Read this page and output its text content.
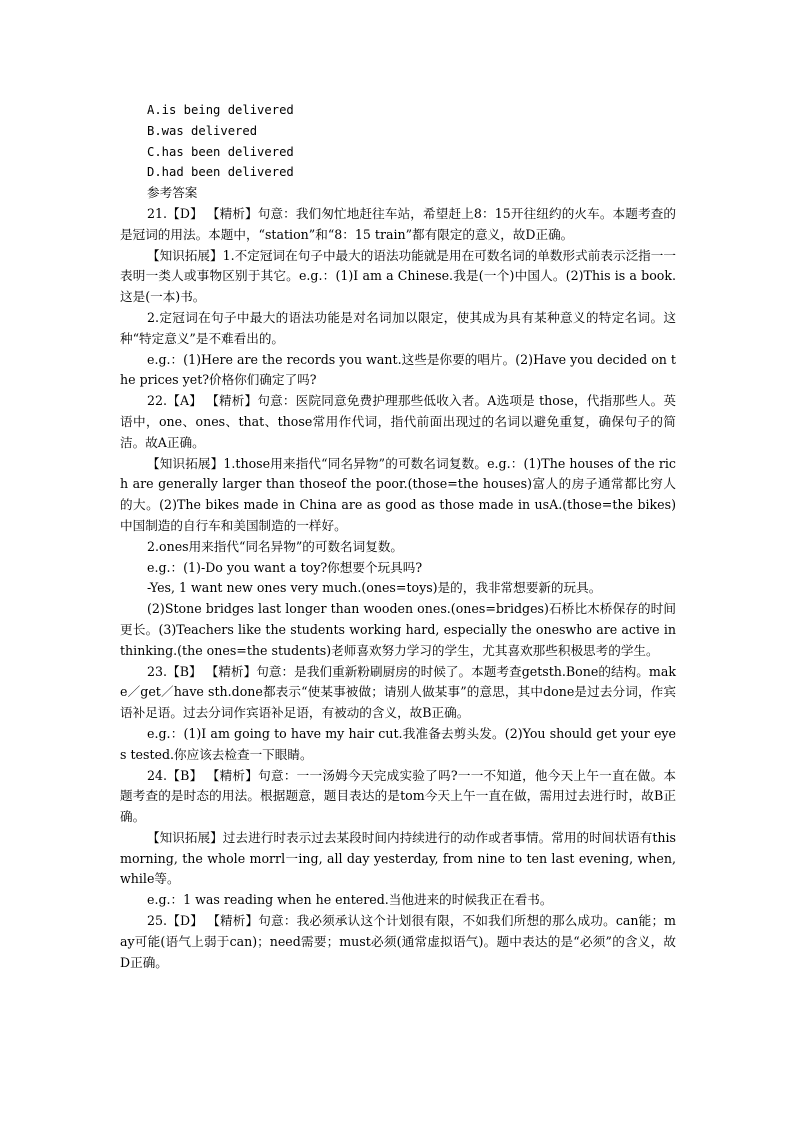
A.is being delivered

B.was delivered

C.has been delivered

D.had been delivered

参考答案

21.【D】 【精析】句意：我们匆忙地赶往车站，希望赶上8：15开往纽约的火车。本题考查的是冠词的用法。本题中，“station”和“8：15 train”都有限定的意义，故D正确。

【知识拓展】1.不定冠词在句子中最大的语法功能就是用在可数名词的单数形式前表示泛指一一表明一类人或事物区别于其它。e.g.：(1)I am a Chinese.我是(一个)中国人。(2)This is a book.这是(一本)书。

2.定冠词在句子中最大的语法功能是对名词加以限定，使其成为具有某种意义的特定名词。这种“特定意义”是不难看出的。

e.g.：(1)Here are the records you want.这些是你要的唱片。(2)Have you decided on the prices yet?价格你们确定了吗?

22.【A】 【精析】句意：医院同意免费护理那些低收入者。A选项是 those，代指那些人。英语中，one、ones、that、those常用作代词，指代前面出现过的名词以避免重复，确保句子的简洁。故A正确。

【知识拓展】1.those用来指代“同名异物”的可数名词复数。e.g.：(1)The houses of the rich are generally larger than thoseof the poor.(those=the houses)富人的房子通常都比穷人的大。(2)The bikes made in China are as good as those made in usA.(those=the bikes)中国制造的自行车和美国制造的一样好。

2.ones用来指代“同名异物”的可数名词复数。

e.g.：(1)-Do you want a toy?你想要个玩具吗?

-Yes, 1 want new ones very much.(ones=toys)是的，我非常想要新的玩具。

(2)Stone bridges last longer than wooden ones.(ones=bridges)石桥比木桥保存的时间更长。(3)Teachers like the students working hard, especially the oneswho are active in thinking.(the ones=the students)老师喜欢努力学习的学生，尤其喜欢那些积极思考的学生。

23.【B】 【精析】句意：是我们重新粉刷厨房的时候了。本题考查getsth.Bone的结构。make／get／have sth.done都表示“使某事被做；请别人做某事”的意思，其中done是过去分词，作宾语补足语。过去分词作宾语补足语，有被动的含义，故B正确。

e.g.：(1)I am going to have my hair cut.我准备去剪头发。(2)You should get your eyes tested.你应该去检查一下眼睛。

24.【B】 【精析】句意：一一汤姆今天完成实验了吗?一一不知道，他今天上午一直在做。本题考查的是时态的用法。根据题意，题目表达的是tom今天上午一直在做，需用过去进行时，故B正确。

【知识拓展】过去进行时表示过去某段时间内持续进行的动作或者事情。常用的时间状语有this morning, the whole morrl一ing, all day yesterday, from nine to ten last evening, when, while等。

e.g.：1 was reading when he entered.当他进来的时候我正在看书。

25.【D】 【精析】句意：我必须承认这个计划很有限，不如我们所想的那么成功。can能；may可能(语气上弱于can)；need需要；must必须(通常虚拟语气)。题中表达的是“必须”的含义，故D正确。
